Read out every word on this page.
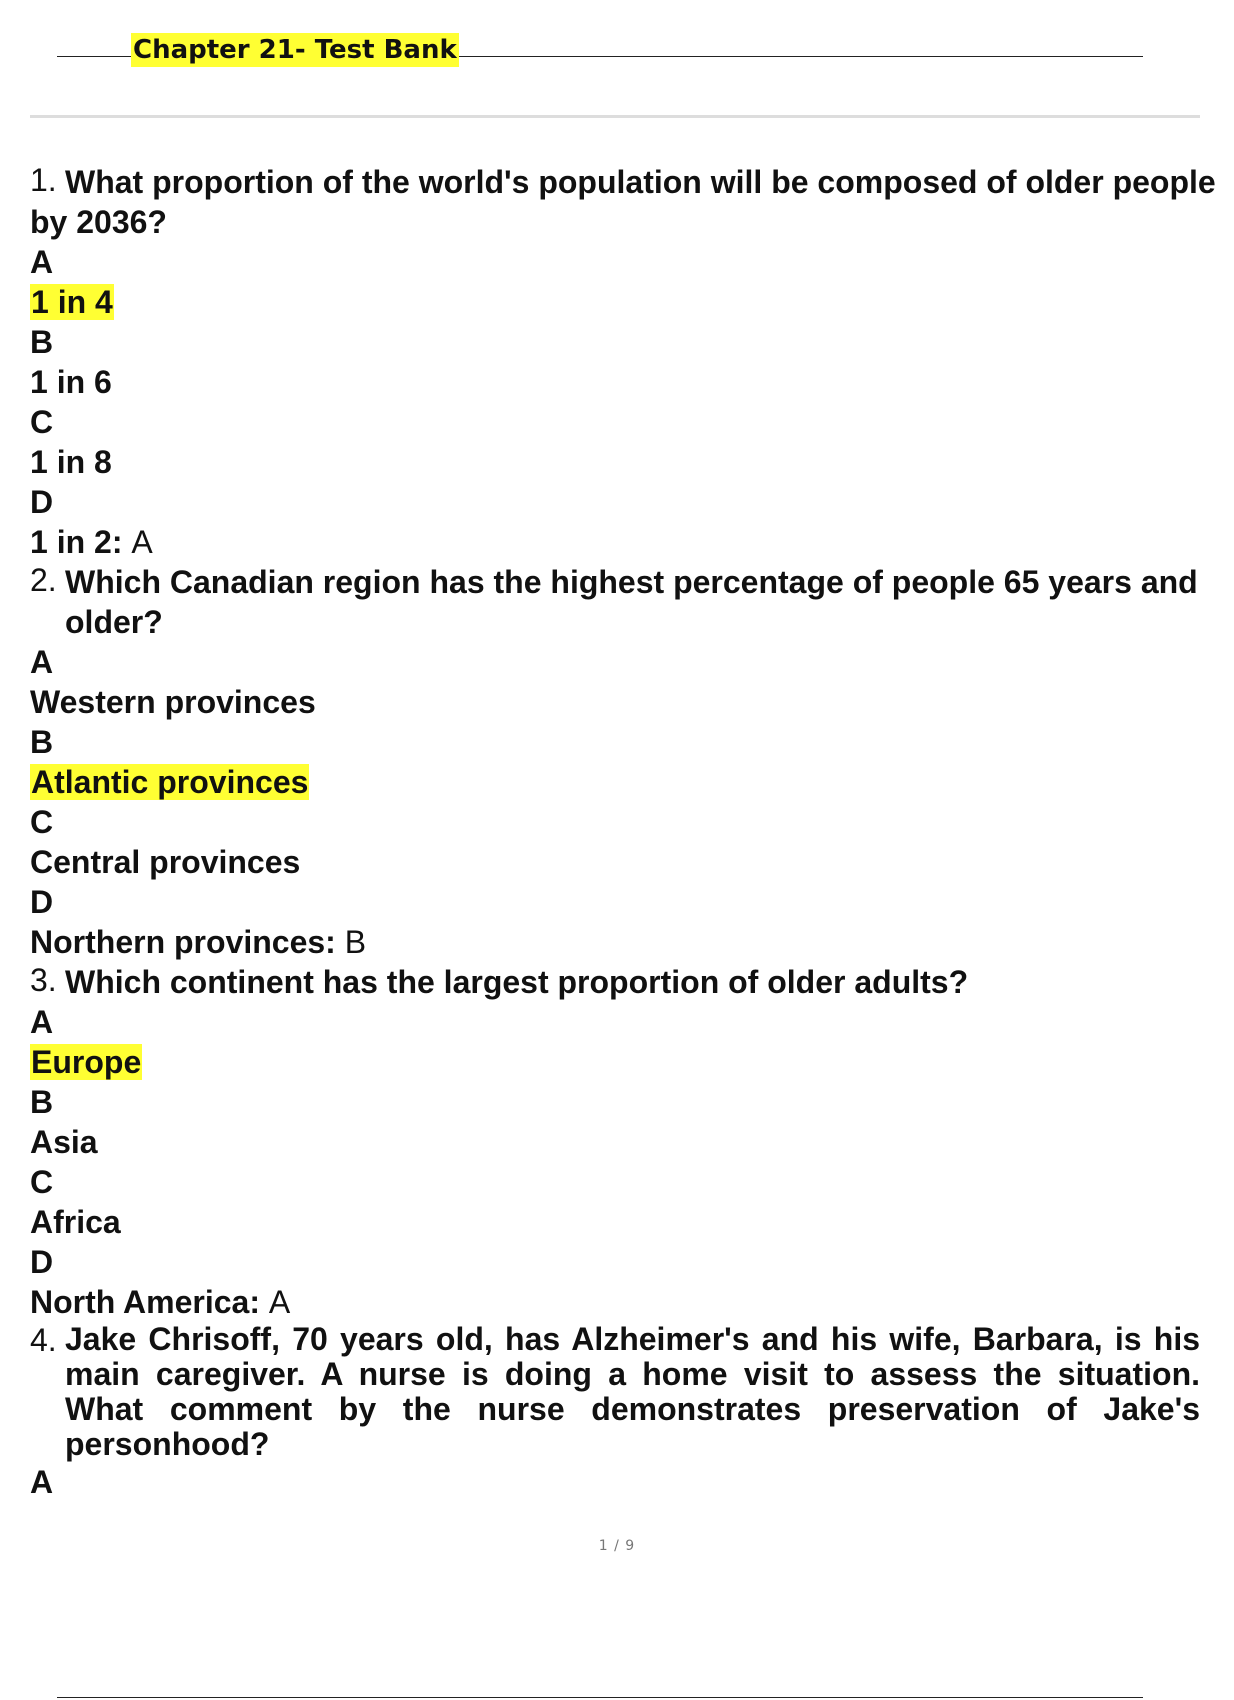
Chapter 21- Test Bank
1. What proportion of the world's population will be composed of older people
by 2036?
A
1 in 4
B
1 in 6
C
1 in 8
D
1 in 2: A
2. Which Canadian region has the highest percentage of people 65 years and
older?
A
Western provinces
B
Atlantic provinces
C
Central provinces
D
Northern provinces: B
3. Which continent has the largest proportion of older adults?
A
Europe
B
Asia
C
Africa
D
North America: A
4. Jake Chrisoff, 70 years old, has Alzheimer's and his wife, Barbara, is his main caregiver. A nurse is doing a home visit to assess the situation. What comment by the nurse demonstrates preservation of Jake's personhood?
A
1 / 9
